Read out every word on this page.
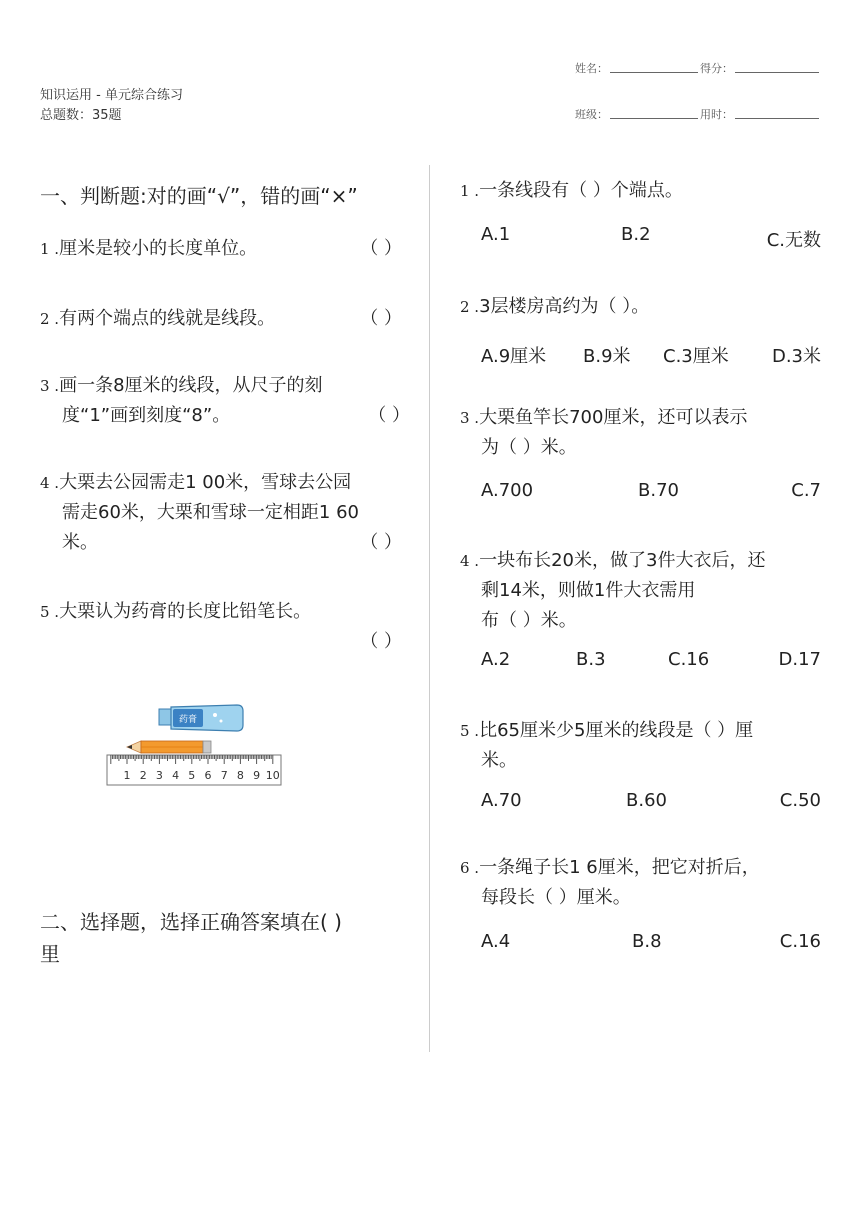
知识运用 - 单元综合练习
总题数：35题
姓名：	得分：
班级：	用时：
一、判断题:对的画“√”，错的画“×”
1 .厘米是较小的长度单位。	（ ）
2 .有两个端点的线就是线段。	（ ）
3 .画一条8厘米的线段，从尺子的刻
度“1”画到刻度“8”。	（ ）
4 .大栗去公园需走1 00米，雪球去公园
需走60米，大栗和雪球一定相距1 60
米。	（ ）
5 .大栗认为药膏的长度比铅笔长。
（ ）
药膏
1 2 3 4 5 6 7 8 9 10
二、选择题，选择正确答案填在( )
里
1 .一条线段有（ ）个端点。
A.1	B.2	C.无数
2 .3层楼房高约为（ ）。
A.9厘米 B.9米 C.3厘米 D.3米
3 .大栗鱼竿长700厘米，还可以表示
为（ ）米。
A.700	B.70	C.7
4 .一块布长20米，做了3件大衣后，还
剩14米，则做1件大衣需用
布（ ）米。
A.2	B.3	C.16	D.17
5 .比65厘米少5厘米的线段是（ ）厘
米。
A.70	B.60	C.50
6 .一条绳子长1 6厘米，把它对折后，
每段长（ ）厘米。
A.4	B.8	C.16
